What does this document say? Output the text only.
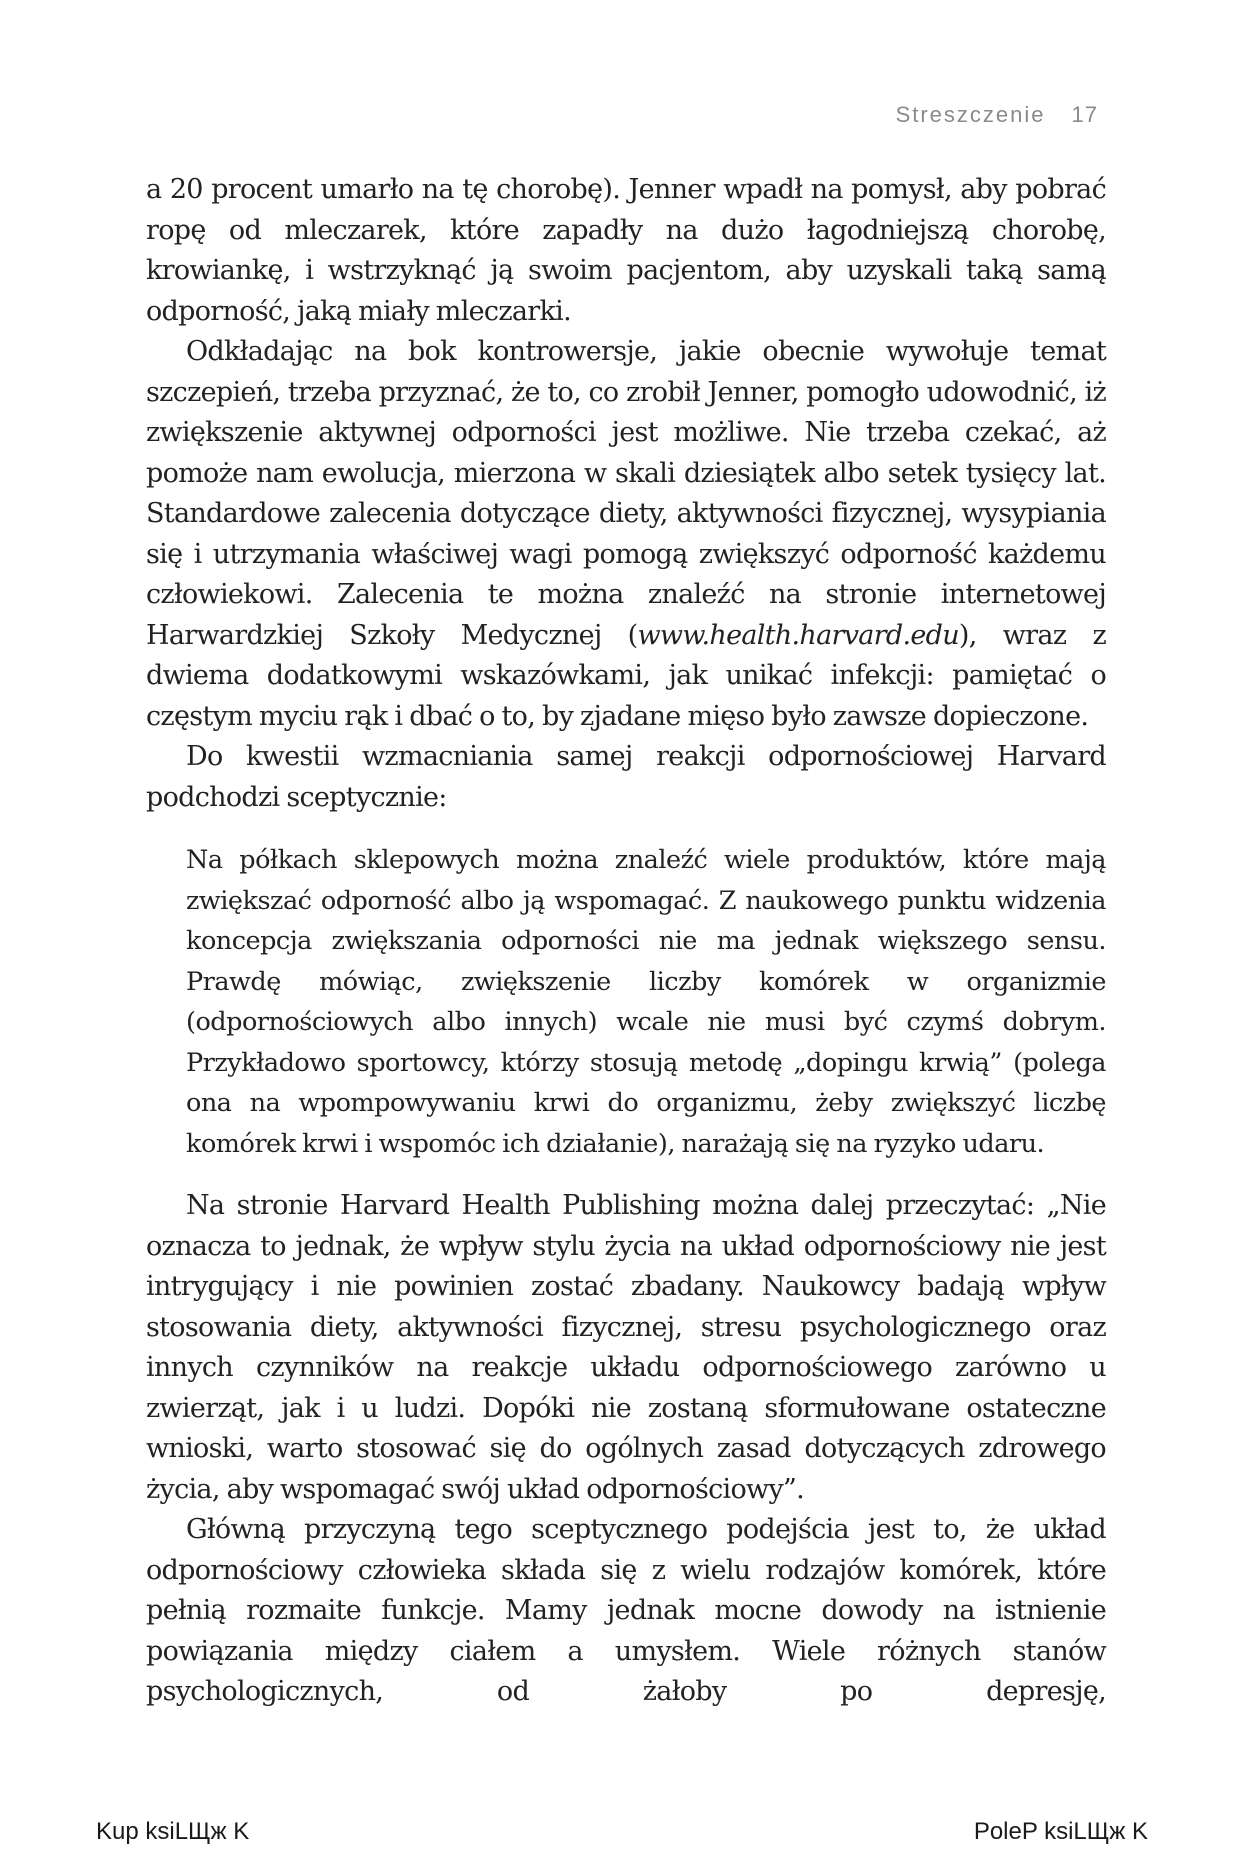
Streszczenie 17

a 20 procent umarło na tę chorobę). Jenner wpadł na pomysł, aby pobrać ropę od mleczarek, które zapadły na dużo łagodniejszą chorobę, krowiankę, i wstrzyknąć ją swoim pacjentom, aby uzyskali taką samą odporność, jaką miały mleczarki.

Odkładając na bok kontrowersje, jakie obecnie wywołuje temat szczepień, trzeba przyznać, że to, co zrobił Jenner, pomogło udowodnić, iż zwiększenie aktywnej odporności jest możliwe. Nie trzeba czekać, aż pomoże nam ewolucja, mierzona w skali dziesiątek albo setek tysięcy lat. Standardowe zalecenia dotyczące diety, aktywności fizycznej, wysypiania się i utrzymania właściwej wagi pomogą zwiększyć odporność każdemu człowiekowi. Zalecenia te można znaleźć na stronie internetowej Harwardzkiej Szkoły Medycznej (www.health.harvard.edu), wraz z dwiema dodatkowymi wskazówkami, jak unikać infekcji: pamiętać o częstym myciu rąk i dbać o to, by zjadane mięso było zawsze dopieczone.

Do kwestii wzmacniania samej reakcji odpornościowej Harvard podchodzi sceptycznie:

Na półkach sklepowych można znaleźć wiele produktów, które mają zwiększać odporność albo ją wspomagać. Z naukowego punktu widzenia koncepcja zwiększania odporności nie ma jednak większego sensu. Prawdę mówiąc, zwiększenie liczby komórek w organizmie (odpornościowych albo innych) wcale nie musi być czymś dobrym. Przykładowo sportowcy, którzy stosują metodę „dopingu krwią” (polega ona na wpompowywaniu krwi do organizmu, żeby zwiększyć liczbę komórek krwi i wspomóc ich działanie), narażają się na ryzyko udaru.

Na stronie Harvard Health Publishing można dalej przeczytać: „Nie oznacza to jednak, że wpływ stylu życia na układ odpornościowy nie jest intrygujący i nie powinien zostać zbadany. Naukowcy badają wpływ stosowania diety, aktywności fizycznej, stresu psychologicznego oraz innych czynników na reakcje układu odpornościowego zarówno u zwierząt, jak i u ludzi. Dopóki nie zostaną sformułowane ostateczne wnioski, warto stosować się do ogólnych zasad dotyczących zdrowego życia, aby wspomagać swój układ odpornościowy”.

Główną przyczyną tego sceptycznego podejścia jest to, że układ odpornościowy człowieka składa się z wielu rodzajów komórek, które pełnią rozmaite funkcje. Mamy jednak mocne dowody na istnienie powiązania między ciałem a umysłem. Wiele różnych stanów psychologicznych, od żałoby po depresję,

Kup ksiLЩж K	PoleP ksiLЩж K
